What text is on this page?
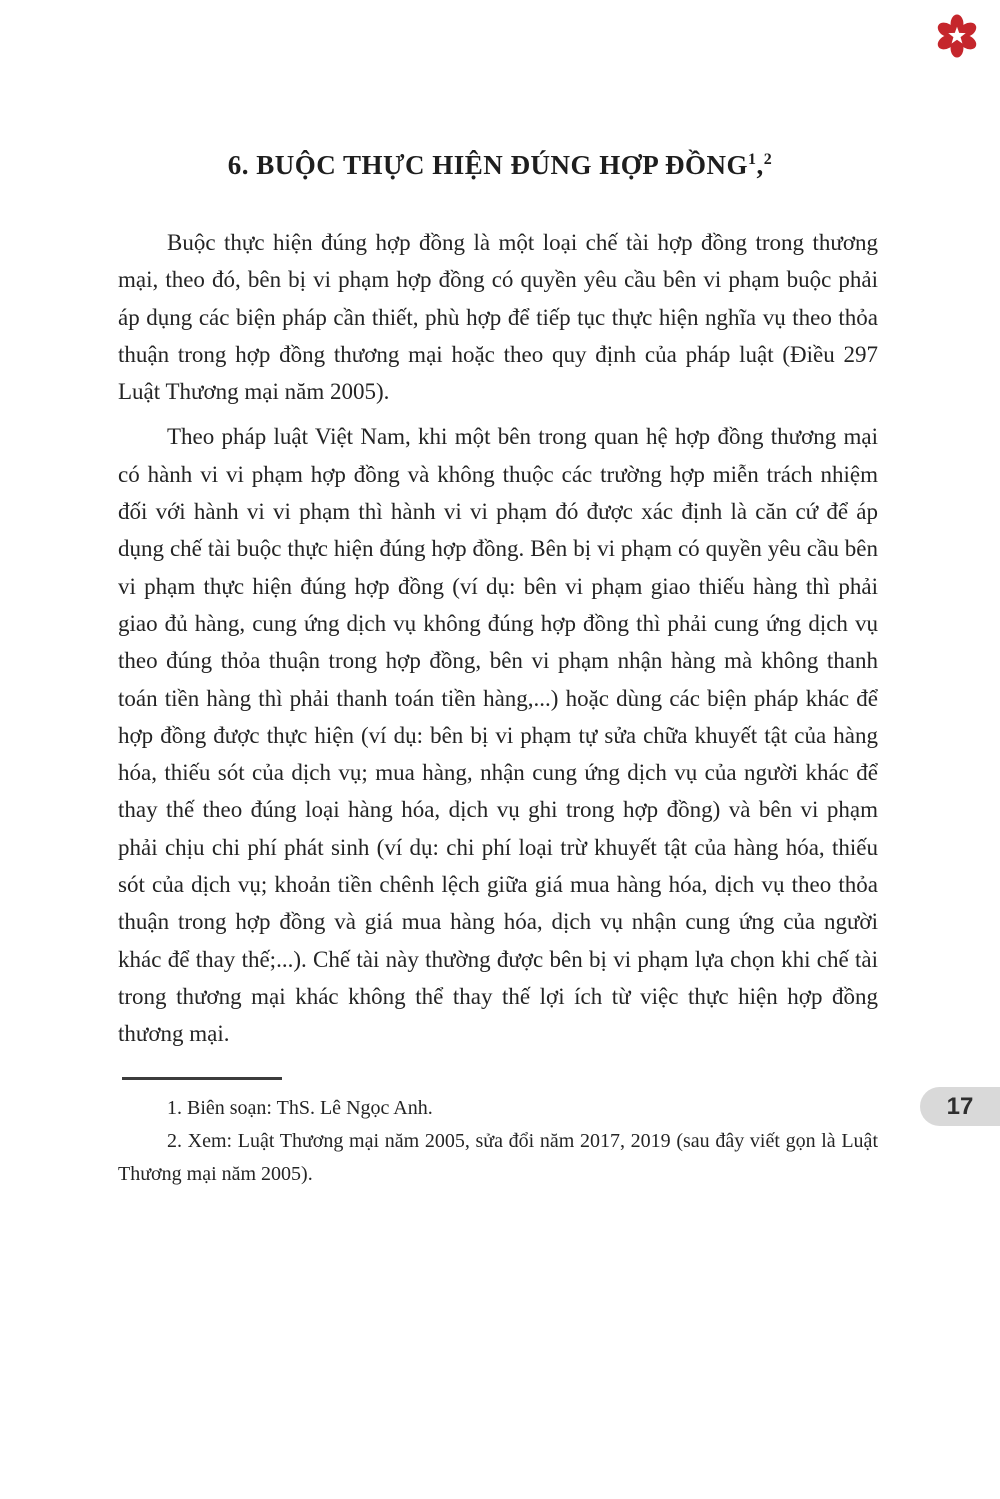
6. BUỘC THỰC HIỆN ĐÚNG HỢP ĐỒNG$^1$,$^2$

Buộc thực hiện đúng hợp đồng là một loại chế tài hợp đồng trong thương mại, theo đó, bên bị vi phạm hợp đồng có quyền yêu cầu bên vi phạm buộc phải áp dụng các biện pháp cần thiết, phù hợp để tiếp tục thực hiện nghĩa vụ theo thỏa thuận trong hợp đồng thương mại hoặc theo quy định của pháp luật (Điều 297 Luật Thương mại năm 2005).

Theo pháp luật Việt Nam, khi một bên trong quan hệ hợp đồng thương mại có hành vi vi phạm hợp đồng và không thuộc các trường hợp miễn trách nhiệm đối với hành vi vi phạm thì hành vi vi phạm đó được xác định là căn cứ để áp dụng chế tài buộc thực hiện đúng hợp đồng. Bên bị vi phạm có quyền yêu cầu bên vi phạm thực hiện đúng hợp đồng (ví dụ: bên vi phạm giao thiếu hàng thì phải giao đủ hàng, cung ứng dịch vụ không đúng hợp đồng thì phải cung ứng dịch vụ theo đúng thỏa thuận trong hợp đồng, bên vi phạm nhận hàng mà không thanh toán tiền hàng thì phải thanh toán tiền hàng,...) hoặc dùng các biện pháp khác để hợp đồng được thực hiện (ví dụ: bên bị vi phạm tự sửa chữa khuyết tật của hàng hóa, thiếu sót của dịch vụ; mua hàng, nhận cung ứng dịch vụ của người khác để thay thế theo đúng loại hàng hóa, dịch vụ ghi trong hợp đồng) và bên vi phạm phải chịu chi phí phát sinh (ví dụ: chi phí loại trừ khuyết tật của hàng hóa, thiếu sót của dịch vụ; khoản tiền chênh lệch giữa giá mua hàng hóa, dịch vụ theo thỏa thuận trong hợp đồng và giá mua hàng hóa, dịch vụ nhận cung ứng của người khác để thay thế;...). Chế tài này thường được bên bị vi phạm lựa chọn khi chế tài trong thương mại khác không thể thay thế lợi ích từ việc thực hiện hợp đồng thương mại.

17

1. Biên soạn: ThS. Lê Ngọc Anh.

2. Xem: Luật Thương mại năm 2005, sửa đổi năm 2017, 2019 (sau đây viết gọn là Luật Thương mại năm 2005).
